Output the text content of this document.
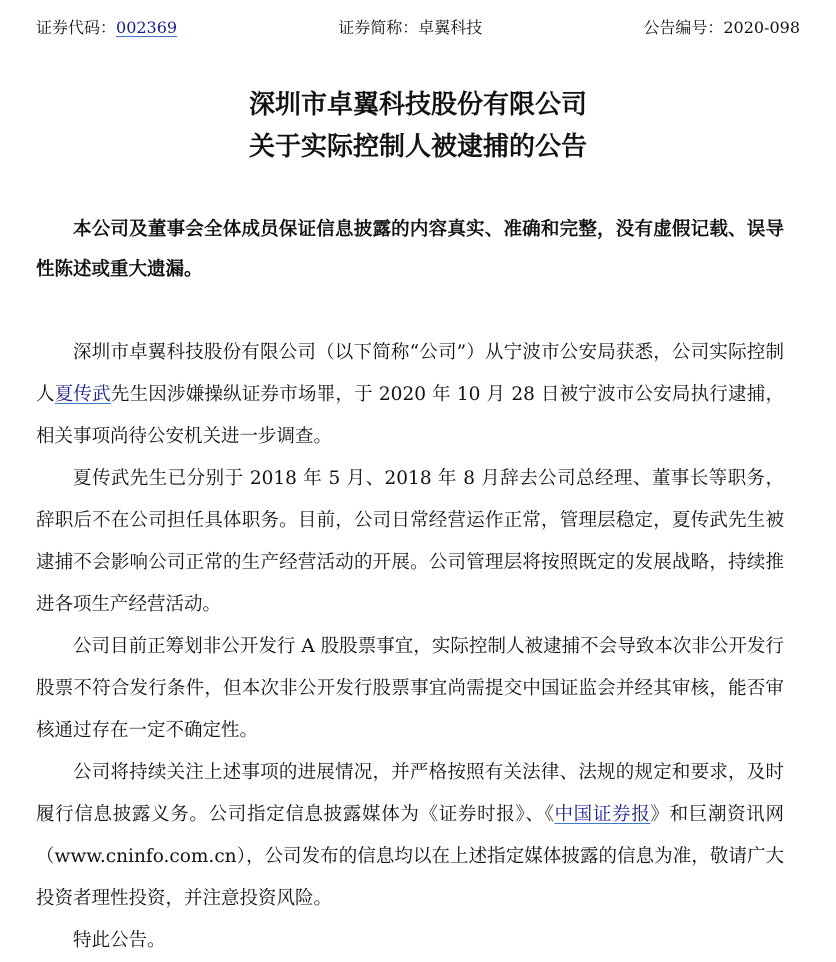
证券代码：002369	证券简称：卓翼科技	公告编号：2020-098
深圳市卓翼科技股份有限公司
关于实际控制人被逮捕的公告
本公司及董事会全体成员保证信息披露的内容真实、准确和完整，没有虚假记载、误导性陈述或重大遗漏。

深圳市卓翼科技股份有限公司（以下简称“公司”）从宁波市公安局获悉，公司实际控制人夏传武先生因涉嫌操纵证券市场罪，于 2020 年 10 月 28 日被宁波市公安局执行逮捕，相关事项尚待公安机关进一步调查。

夏传武先生已分别于 2018 年 5 月、2018 年 8 月辞去公司总经理、董事长等职务，辞职后不在公司担任具体职务。目前，公司日常经营运作正常，管理层稳定，夏传武先生被逮捕不会影响公司正常的生产经营活动的开展。公司管理层将按照既定的发展战略，持续推进各项生产经营活动。

公司目前正筹划非公开发行 A 股股票事宜，实际控制人被逮捕不会导致本次非公开发行股票不符合发行条件，但本次非公开发行股票事宜尚需提交中国证监会并经其审核，能否审核通过存在一定不确定性。

公司将持续关注上述事项的进展情况，并严格按照有关法律、法规的规定和要求，及时履行信息披露义务。公司指定信息披露媒体为《证券时报》、《中国证券报》和巨潮资讯网（www.cninfo.com.cn），公司发布的信息均以在上述指定媒体披露的信息为准，敬请广大投资者理性投资，并注意投资风险。

特此公告。
